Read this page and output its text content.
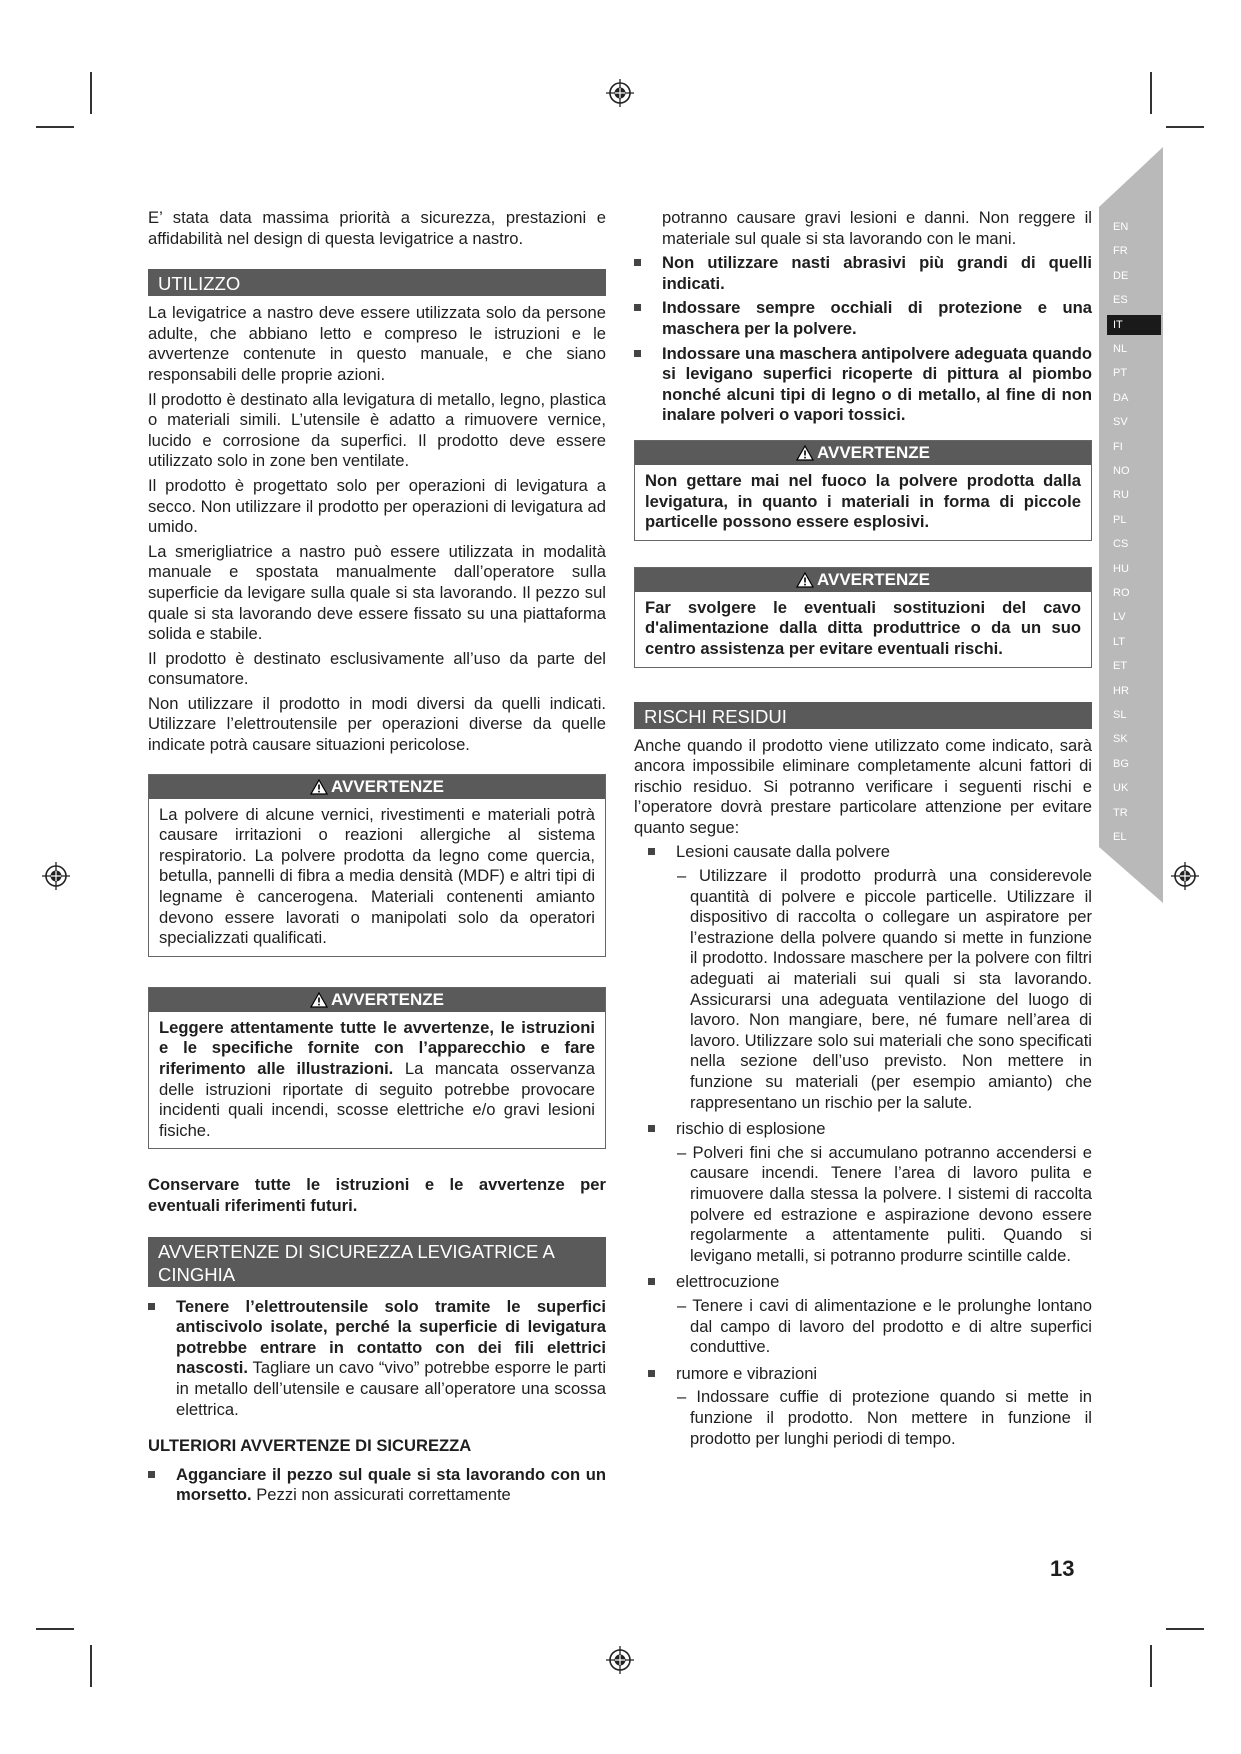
EN
FR
DE
ES
IT
NL
PT
DA
SV
FI
NO
RU
PL
CS
HU
RO
LV
LT
ET
HR
SL
SK
BG
UK
TR
EL

E’ stata data massima priorità a sicurezza, prestazioni e affidabilità nel design di questa levigatrice a nastro.

UTILIZZO

La levigatrice a nastro deve essere utilizzata solo da persone adulte, che abbiano letto e compreso le istruzioni e le avvertenze contenute in questo manuale, e che siano responsabili delle proprie azioni.

Il prodotto è destinato alla levigatura di metallo, legno, plastica o materiali simili. L’utensile è adatto a rimuovere vernice, lucido e corrosione da superfici. Il prodotto deve essere utilizzato solo in zone ben ventilate.

Il prodotto è progettato solo per operazioni di levigatura a secco. Non utilizzare il prodotto per operazioni di levigatura ad umido.

La smerigliatrice a nastro può essere utilizzata in modalità manuale e spostata manualmente dall’operatore sulla superficie da levigare sulla quale si sta lavorando. Il pezzo sul quale si sta lavorando deve essere fissato su una piattaforma solida e stabile.

Il prodotto è destinato esclusivamente all’uso da parte del consumatore.

Non utilizzare il prodotto in modi diversi da quelli indicati. Utilizzare l’elettroutensile per operazioni diverse da quelle indicate potrà causare situazioni pericolose.

AVVERTENZE
La polvere di alcune vernici, rivestimenti e materiali potrà causare irritazioni o reazioni allergiche al sistema respiratorio. La polvere prodotta da legno come quercia, betulla, pannelli di fibra a media densità (MDF) e altri tipi di legname è cancerogena. Materiali contenenti amianto devono essere lavorati o manipolati solo da operatori specializzati qualificati.
AVVERTENZE
Leggere attentamente tutte le avvertenze, le istruzioni e le specifiche fornite con l’apparecchio e fare riferimento alle illustrazioni. La mancata osservanza delle istruzioni riportate di seguito potrebbe provocare incidenti quali incendi, scosse elettriche e/o gravi lesioni fisiche.

Conservare tutte le istruzioni e le avvertenze per eventuali riferimenti futuri.

AVVERTENZE DI SICUREZZA LEVIGATRICE A CINGHIA
Tenere l’elettroutensile solo tramite le superfici antiscivolo isolate, perché la superficie di levigatura potrebbe entrare in contatto con dei fili elettrici nascosti. Tagliare un cavo “vivo” potrebbe esporre le parti in metallo dell’utensile e causare all’operatore una scossa elettrica.
ULTERIORI AVVERTENZE DI SICUREZZA
Agganciare il pezzo sul quale si sta lavorando con un morsetto. Pezzi non assicurati correttamente

potranno causare gravi lesioni e danni. Non reggere il materiale sul quale si sta lavorando con le mani.

Non utilizzare nasti abrasivi più grandi di quelli indicati.
Indossare sempre occhiali di protezione e una maschera per la polvere.
Indossare una maschera antipolvere adeguata quando si levigano superfici ricoperte di pittura al piombo nonché alcuni tipi di legno o di metallo, al fine di non inalare polveri o vapori tossici.
AVVERTENZE
Non gettare mai nel fuoco la polvere prodotta dalla levigatura, in quanto i materiali in forma di piccole particelle possono essere esplosivi.
AVVERTENZE
Far svolgere le eventuali sostituzioni del cavo d'alimentazione dalla ditta produttrice o da un suo centro assistenza per evitare eventuali rischi.
RISCHI RESIDUI

Anche quando il prodotto viene utilizzato come indicato, sarà ancora impossibile eliminare completamente alcuni fattori di rischio residuo. Si potranno verificare i seguenti rischi e l’operatore dovrà prestare particolare attenzione per evitare quanto segue:

Lesioni causate dalla polvere
– Utilizzare il prodotto produrrà una considerevole quantità di polvere e piccole particelle. Utilizzare il dispositivo di raccolta o collegare un aspiratore per l’estrazione della polvere quando si mette in funzione il prodotto. Indossare maschere per la polvere con filtri adeguati ai materiali sui quali si sta lavorando. Assicurarsi una adeguata ventilazione del luogo di lavoro. Non mangiare, bere, né fumare nell’area di lavoro. Utilizzare solo sui materiali che sono specificati nella sezione dell’uso previsto. Non mettere in funzione su materiali (per esempio amianto) che rappresentano un rischio per la salute.
rischio di esplosione
– Polveri fini che si accumulano potranno accendersi e causare incendi. Tenere l’area di lavoro pulita e rimuovere dalla stessa la polvere. I sistemi di raccolta polvere ed estrazione e aspirazione devono essere regolarmente a attentamente puliti. Quando si levigano metalli, si potranno produrre scintille calde.
elettrocuzione
– Tenere i cavi di alimentazione e le prolunghe lontano dal campo di lavoro del prodotto e di altre superfici conduttive.
rumore e vibrazioni
– Indossare cuffie di protezione quando si mette in funzione il prodotto. Non mettere in funzione il prodotto per lunghi periodi di tempo.
13
